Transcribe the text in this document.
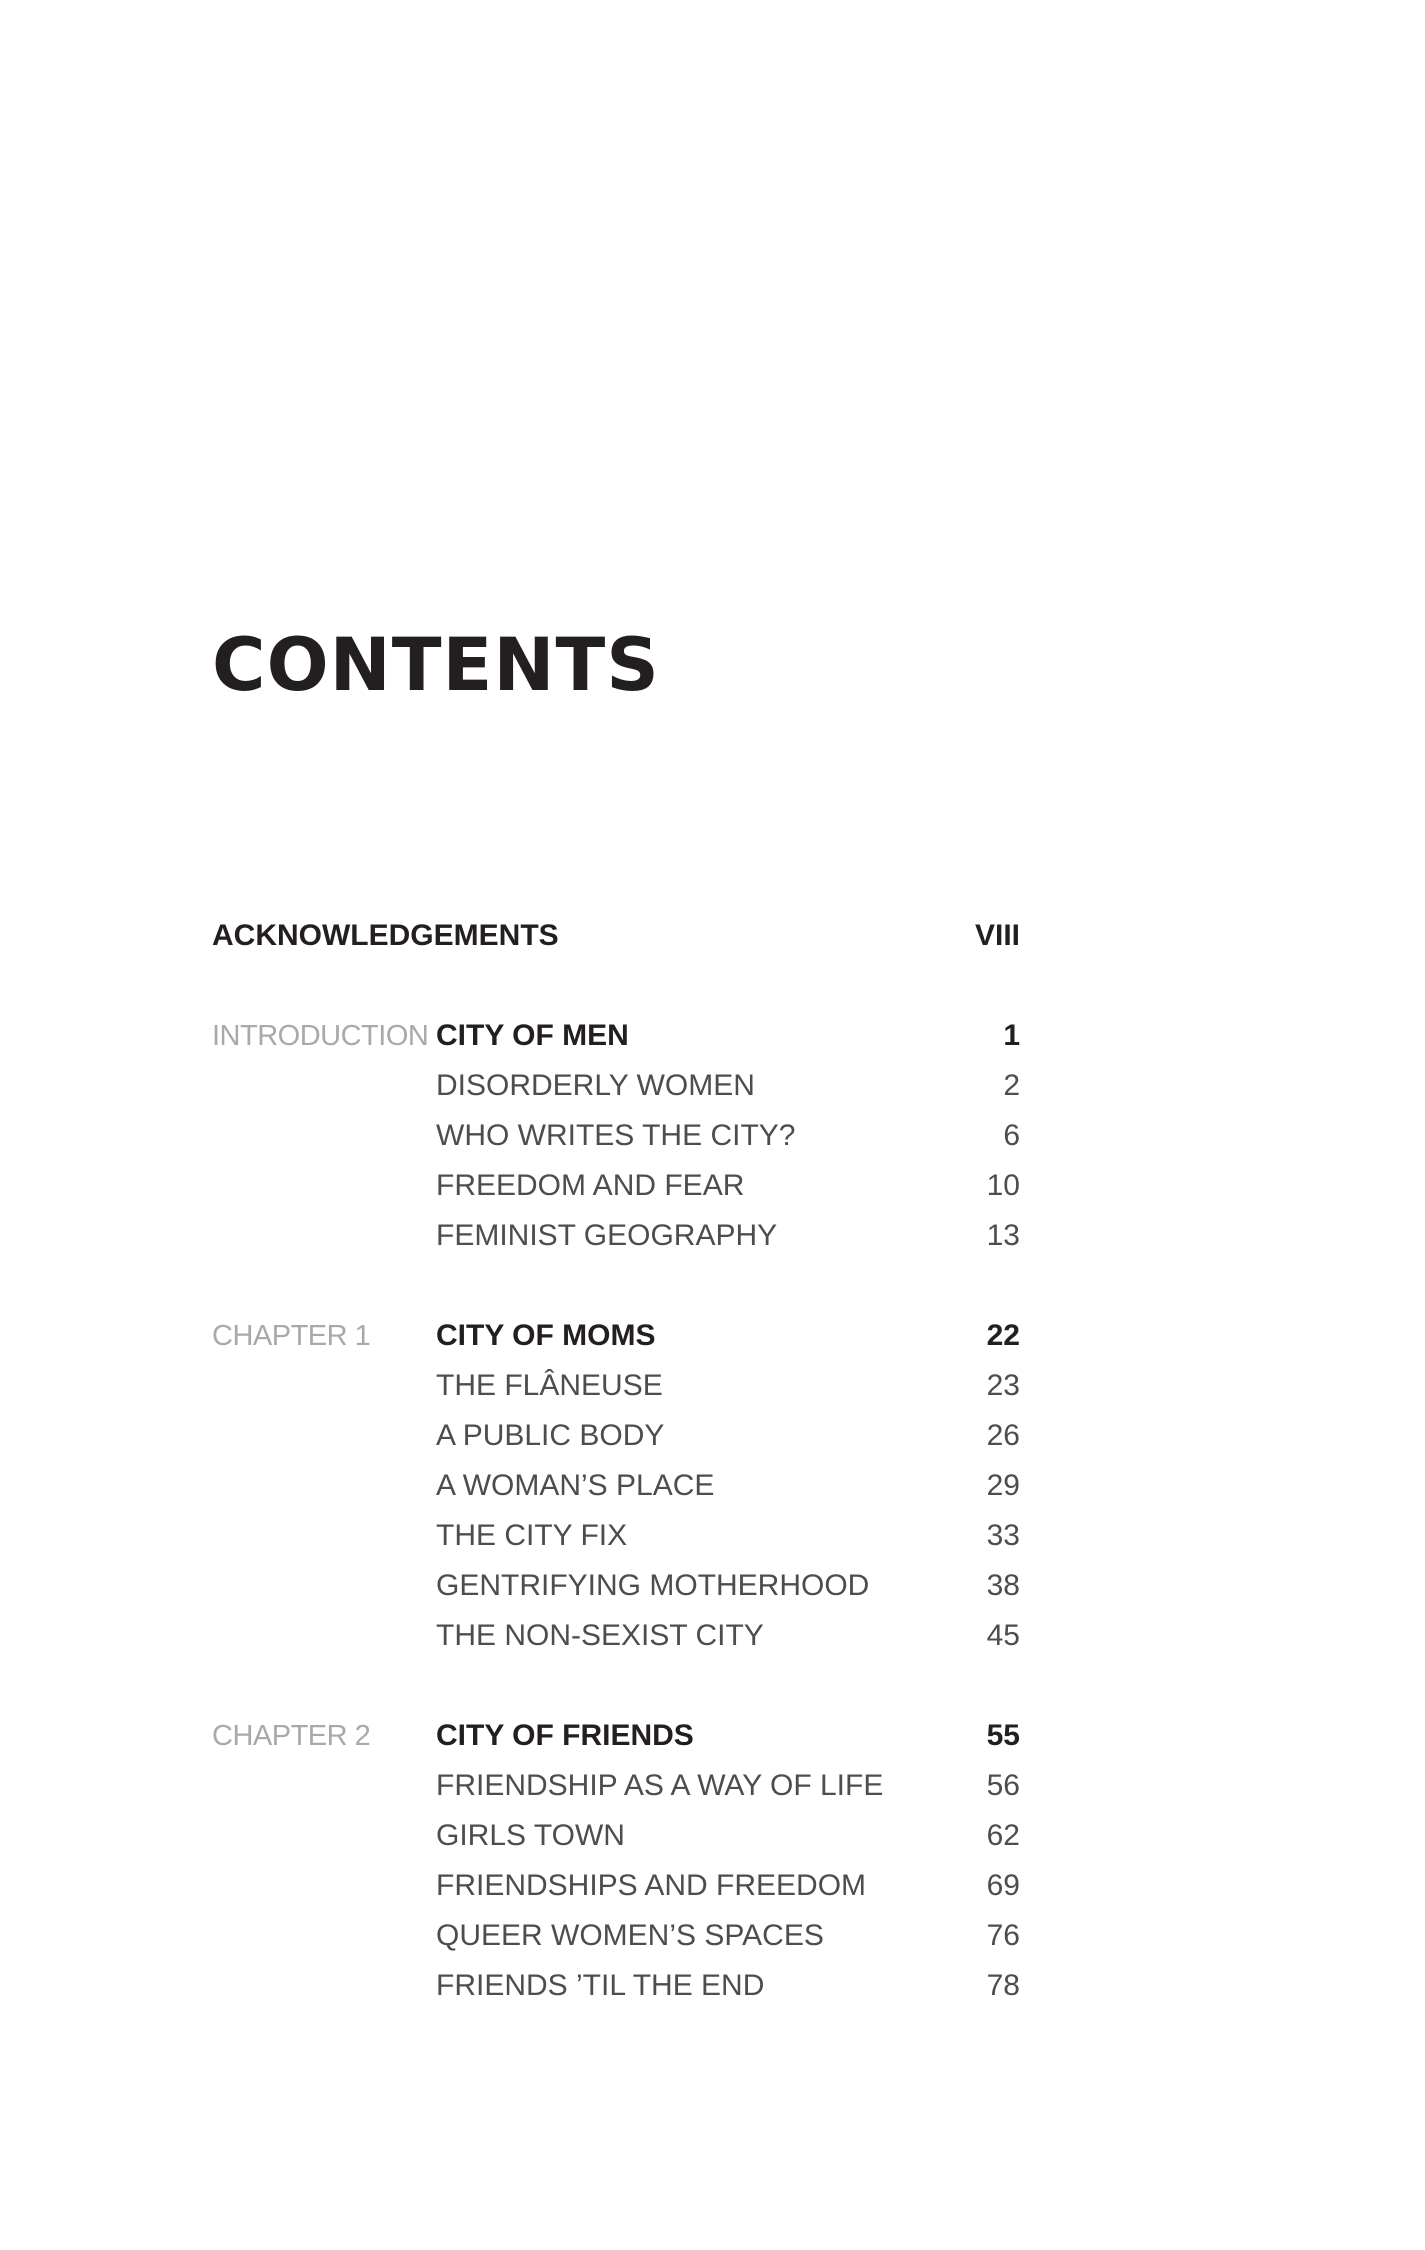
CONTENTS
ACKNOWLEDGEMENTS	VIII
INTRODUCTION CITY OF MEN	1
DISORDERLY WOMEN	2
WHO WRITES THE CITY?	6
FREEDOM AND FEAR	10
FEMINIST GEOGRAPHY	13
CHAPTER 1 CITY OF MOMS	22
THE FLÂNEUSE	23
A PUBLIC BODY	26
A WOMAN’S PLACE	29
THE CITY FIX	33
GENTRIFYING MOTHERHOOD	38
THE NON-SEXIST CITY	45
CHAPTER 2 CITY OF FRIENDS	55
FRIENDSHIP AS A WAY OF LIFE	56
GIRLS TOWN	62
FRIENDSHIPS AND FREEDOM	69
QUEER WOMEN’S SPACES	76
FRIENDS ’TIL THE END	78
